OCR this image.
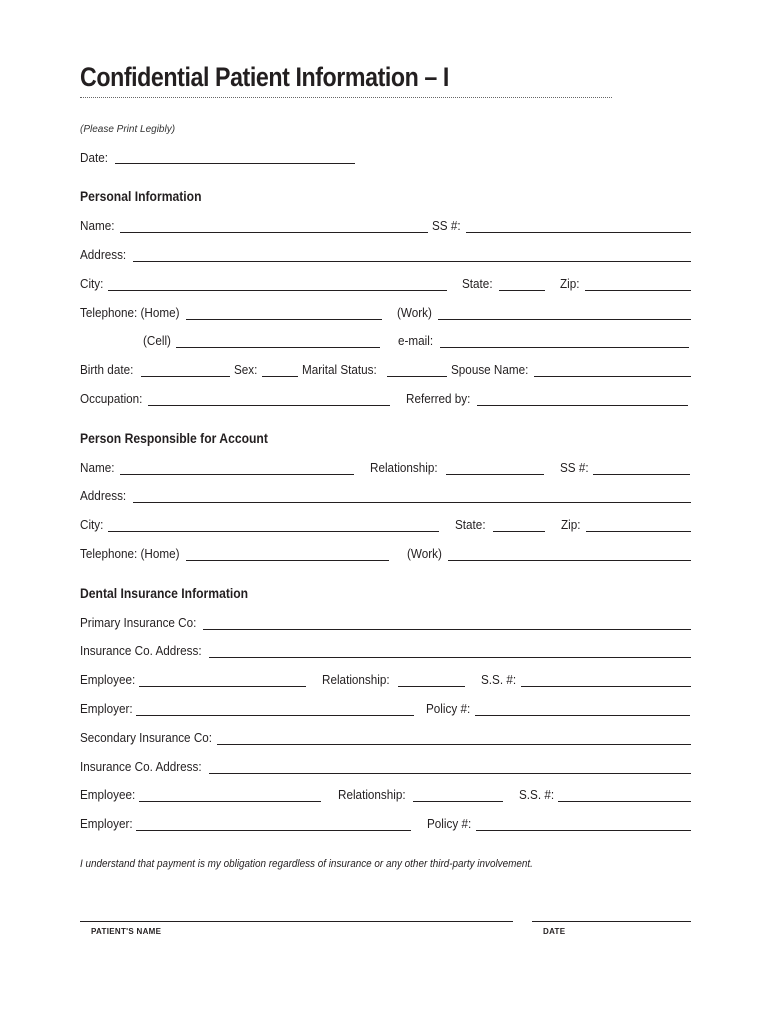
Confidential Patient Information – I
(Please Print Legibly)
Date:
Personal Information
Name:	SS #:
Address:
City:	State:	Zip:
Telephone: (Home)	(Work)
(Cell)	e-mail:
Birth date:	Sex:	Marital Status:	Spouse Name:
Occupation:	Referred by:
Person Responsible for Account
Name:	Relationship:	SS #:
Address:
City:	State:	Zip:
Telephone: (Home)	(Work)
Dental Insurance Information
Primary Insurance Co:
Insurance Co. Address:
Employee:	Relationship:	S.S. #:
Employer:	Policy #:
Secondary Insurance Co:
Insurance Co. Address:
Employee:	Relationship:	S.S. #:
Employer:	Policy #:
I understand that payment is my obligation regardless of insurance or any other third-party involvement.
PATIENT'S NAME	DATE
